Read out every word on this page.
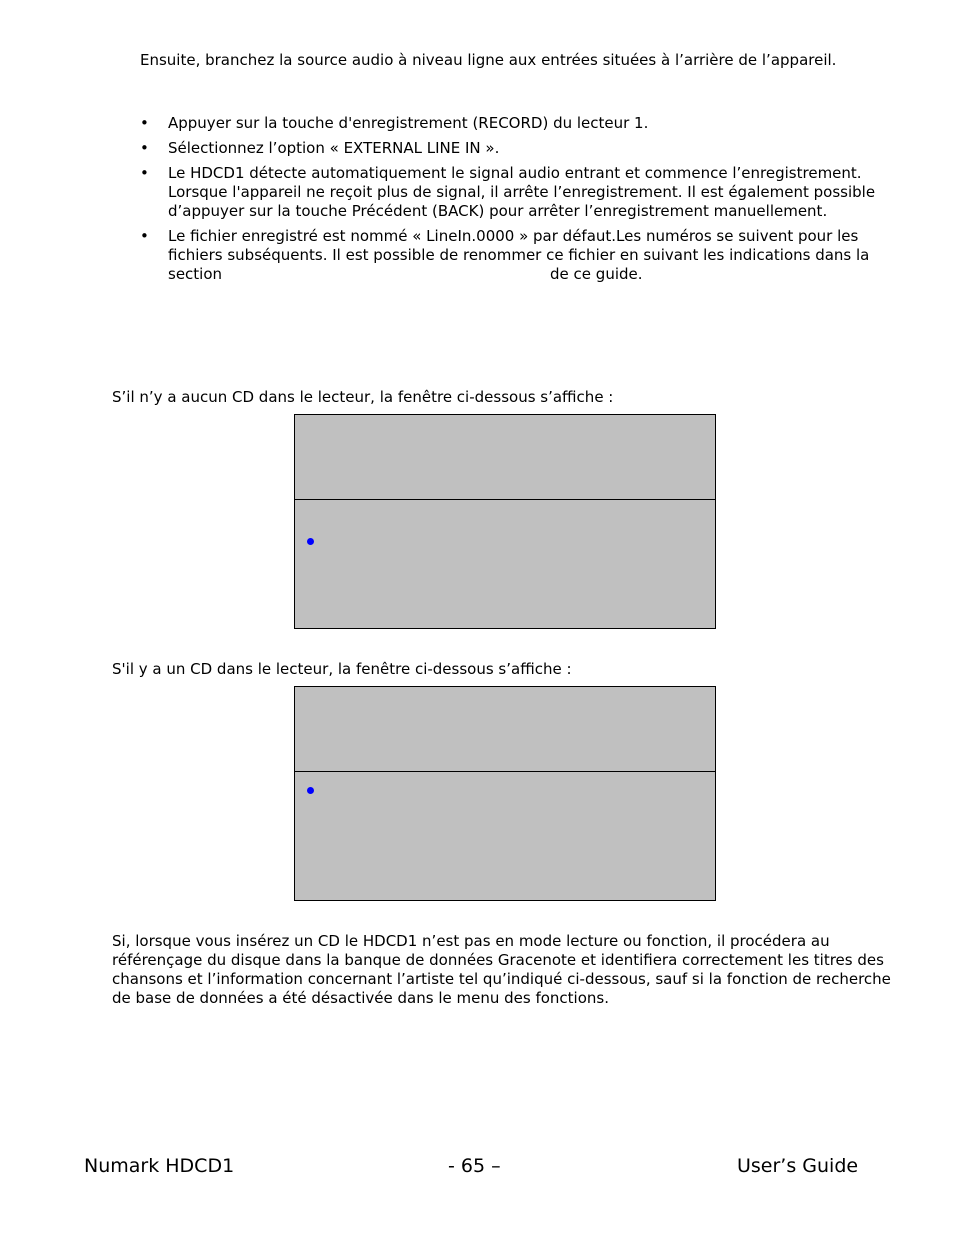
Ensuite, branchez la source audio à niveau ligne aux entrées situées à l’arrière de l’appareil.
• Appuyer sur la touche d'enregistrement (RECORD) du lecteur 1.
• Sélectionnez l’option « EXTERNAL LINE IN ».
• Le HDCD1 détecte automatiquement le signal audio entrant et commence l’enregistrement. Lorsque l'appareil ne reçoit plus de signal, il arrête l’enregistrement. Il est également possible d’appuyer sur la touche Précédent (BACK) pour arrêter l’enregistrement manuellement.
• Le fichier enregistré est nommé « LineIn.0000 » par défaut.Les numéros se suivent pour les fichiers subséquents. Il est possible de renommer ce fichier en suivant les indications dans la section	de ce guide.
S’il n’y a aucun CD dans le lecteur, la fenêtre ci-dessous s’affiche :
S'il y a un CD dans le lecteur, la fenêtre ci-dessous s’affiche :
Si, lorsque vous insérez un CD le HDCD1 n’est pas en mode lecture ou fonction, il procédera au référençage du disque dans la banque de données Gracenote et identifiera correctement les titres des chansons et l’information concernant l’artiste tel qu’indiqué ci-dessous, sauf si la fonction de recherche de base de données a été désactivée dans le menu des fonctions.
Numark HDCD1	- 65 –	User’s Guide
